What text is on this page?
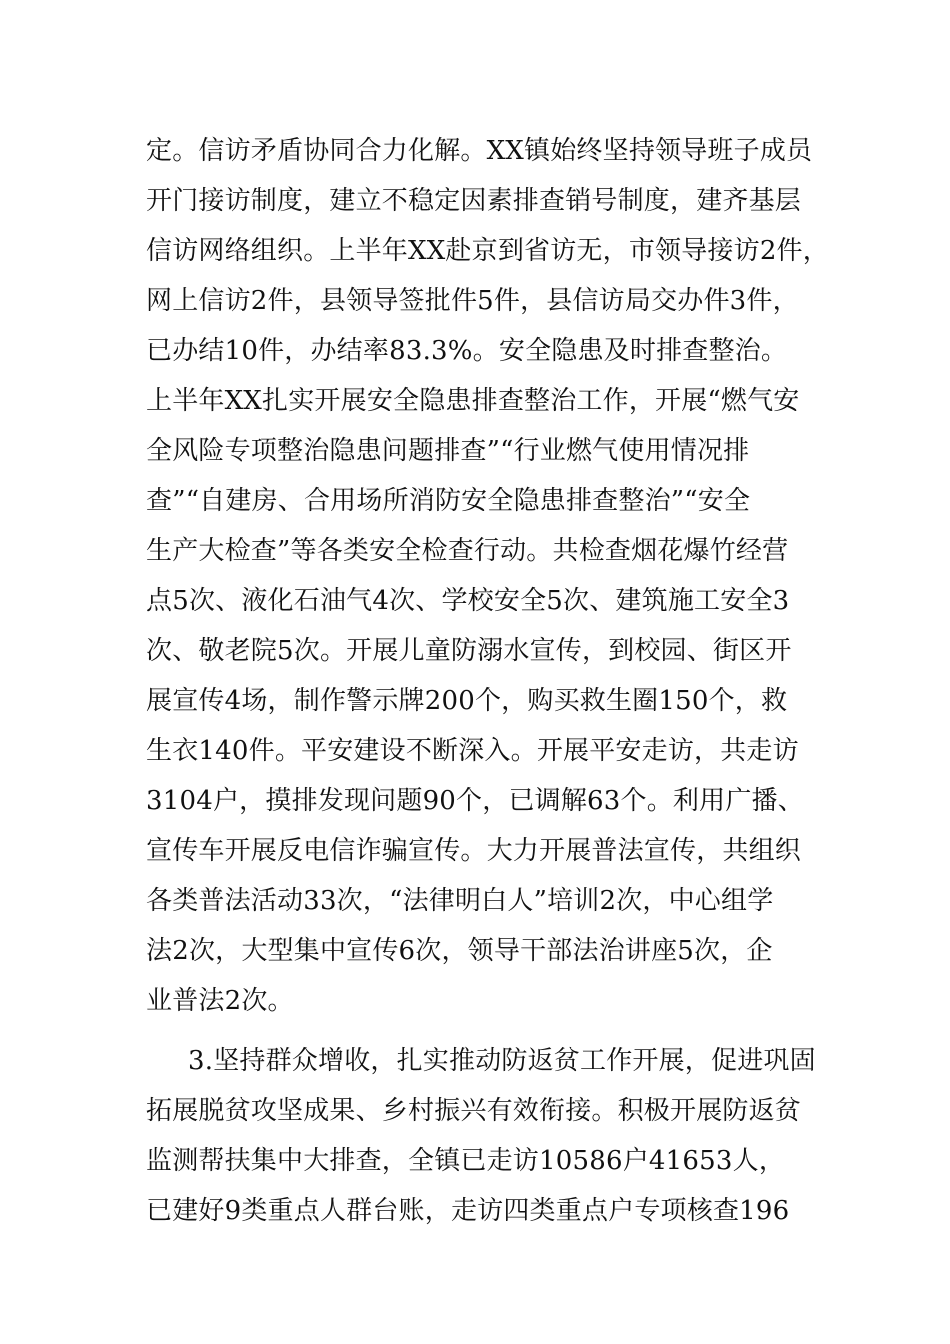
定。信访矛盾协同合力化解。XX镇始终坚持领导班子成员
开门接访制度，建立不稳定因素排查销号制度，建齐基层
信访网络组织。上半年XX赴京到省访无，市领导接访2件，
网上信访2件，县领导签批件5件，县信访局交办件3件，
已办结10件，办结率83.3%。安全隐患及时排查整治。
上半年XX扎实开展安全隐患排查整治工作，开展“燃气安
全风险专项整治隐患问题排查”“行业燃气使用情况排
查”“自建房、合用场所消防安全隐患排查整治”“安全
生产大检查”等各类安全检查行动。共检查烟花爆竹经营
点5次、液化石油气4次、学校安全5次、建筑施工安全3
次、敬老院5次。开展儿童防溺水宣传，到校园、街区开
展宣传4场，制作警示牌200个，购买救生圈150个，救
生衣140件。平安建设不断深入。开展平安走访，共走访
3104户，摸排发现问题90个，已调解63个。利用广播、
宣传车开展反电信诈骗宣传。大力开展普法宣传，共组织
各类普法活动33次，“法律明白人”培训2次，中心组学
法2次，大型集中宣传6次，领导干部法治讲座5次，企
业普法2次。
3.坚持群众增收，扎实推动防返贫工作开展，促进巩固
拓展脱贫攻坚成果、乡村振兴有效衔接。积极开展防返贫
监测帮扶集中大排查，全镇已走访10586户41653人，
已建好9类重点人群台账，走访四类重点户专项核查196
